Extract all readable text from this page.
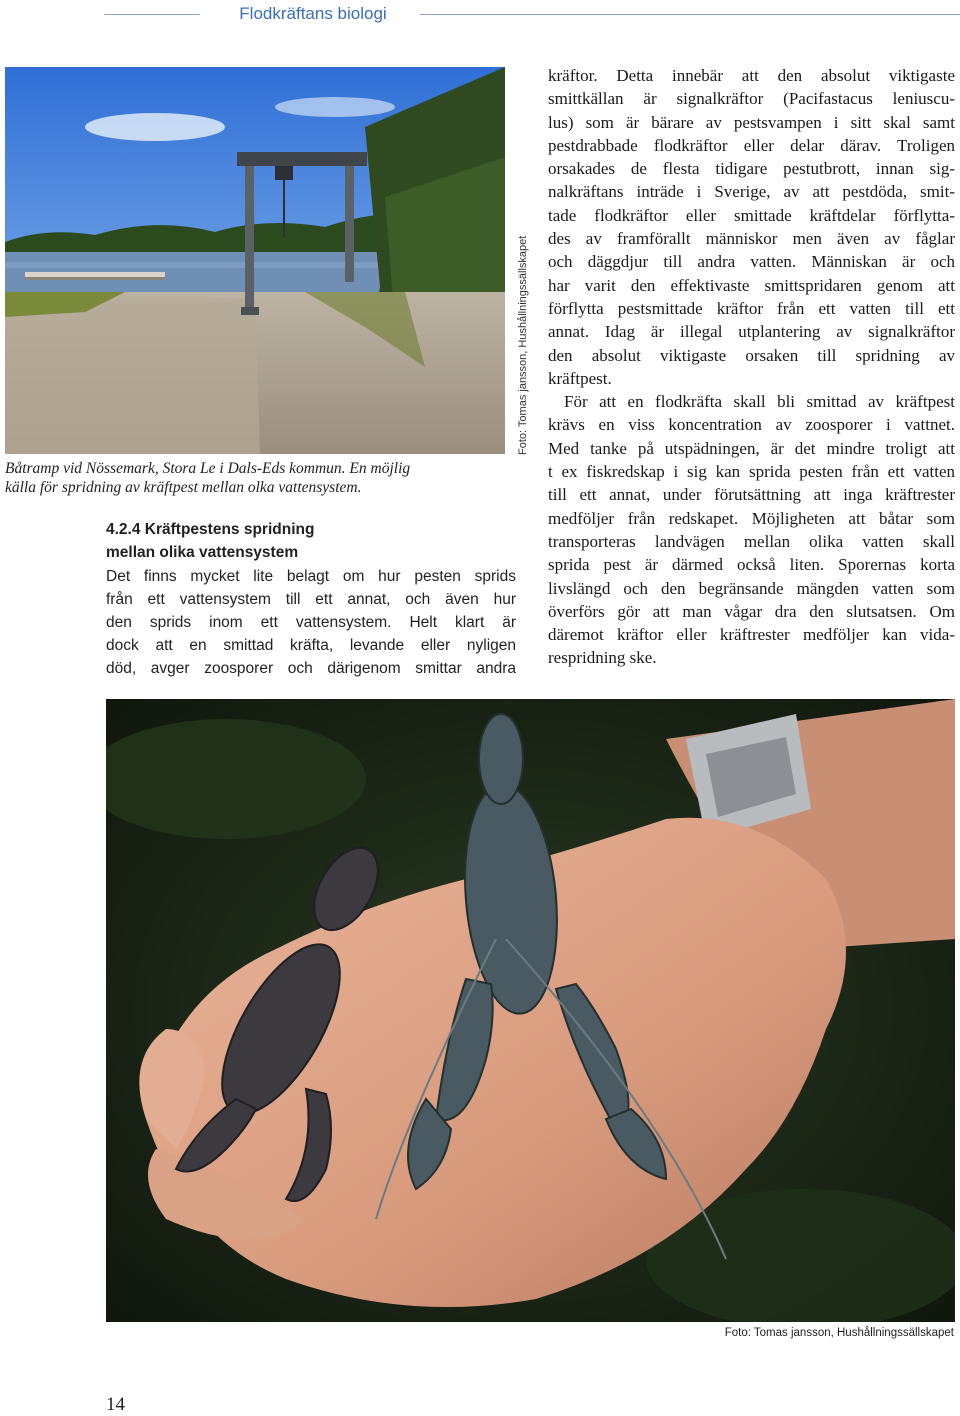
Flodkräftans biologi
Foto: Tomas jansson, Hushållningssällskapet
Båtramp vid Nössemark, Stora Le i Dals-Eds kommun. En möjlig
källa för spridning av kräftpest mellan olka vattensystem.
4.2.4 Kräftpestens spridning
mellan olika vattensystem
Det finns mycket lite belagt om hur pesten sprids
från ett vattensystem till ett annat, och även hur
den sprids inom ett vattensystem. Helt klart är
dock att en smittad kräfta, levande eller nyligen
död, avger zoosporer och därigenom smittar andra
kräftor. Detta innebär att den absolut viktigaste
smittkällan är signalkräftor (Pacifastacus leniuscu-
lus) som är bärare av pestsvampen i sitt skal samt
pestdrabbade flodkräftor eller delar därav. Troligen
orsakades de flesta tidigare pestutbrott, innan sig-
nalkräftans inträde i Sverige, av att pestdöda, smit-
tade flodkräftor eller smittade kräftdelar förflytta-
des av framförallt människor men även av fåglar
och däggdjur till andra vatten. Människan är och
har varit den effektivaste smittspridaren genom att
förflytta pestsmittade kräftor från ett vatten till ett
annat. Idag är illegal utplantering av signalkräftor
den absolut viktigaste orsaken till spridning av
kräftpest.
För att en flodkräfta skall bli smittad av kräftpest
krävs en viss koncentration av zoosporer i vattnet.
Med tanke på utspädningen, är det mindre troligt att
t ex fiskredskap i sig kan sprida pesten från ett vatten
till ett annat, under förutsättning att inga kräftrester
medföljer från redskapet. Möjligheten att båtar som
transporteras landvägen mellan olika vatten skall
sprida pest är därmed också liten. Sporernas korta
livslängd och den begränsande mängden vatten som
överförs gör att man vågar dra den slutsatsen. Om
däremot kräftor eller kräftrester medföljer kan vida-
respridning ske.
Foto: Tomas jansson, Hushållningssällskapet
14
